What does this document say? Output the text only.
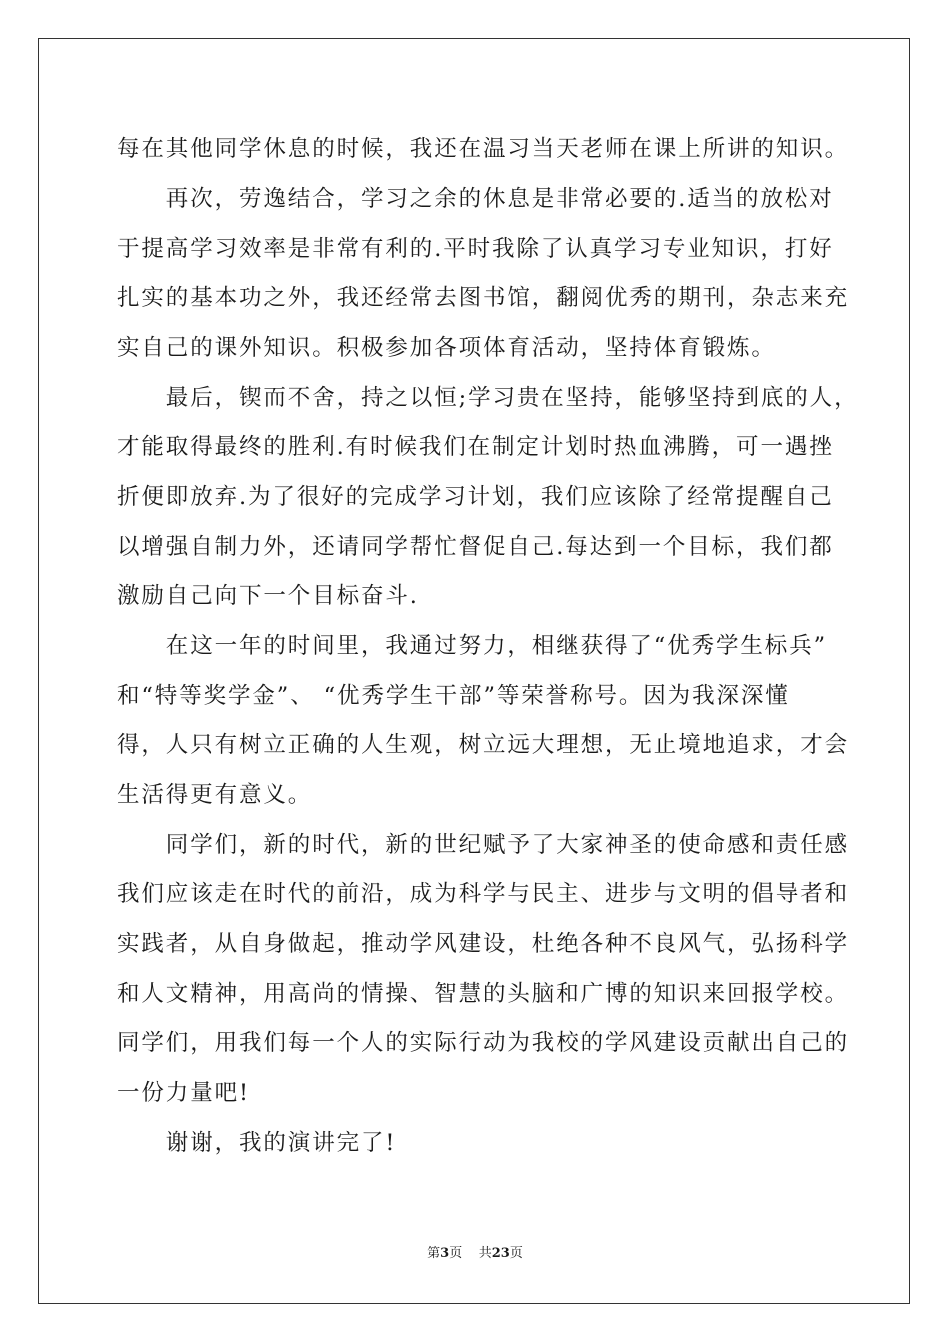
每在其他同学休息的时候，我还在温习当天老师在课上所讲的知识。
　　再次，劳逸结合，学习之余的休息是非常必要的.适当的放松对
于提高学习效率是非常有利的.平时我除了认真学习专业知识，打好
扎实的基本功之外，我还经常去图书馆，翻阅优秀的期刊，杂志来充
实自己的课外知识。积极参加各项体育活动，坚持体育锻炼。
　　最后，锲而不舍，持之以恒;学习贵在坚持，能够坚持到底的人，
才能取得最终的胜利.有时候我们在制定计划时热血沸腾，可一遇挫
折便即放弃.为了很好的完成学习计划，我们应该除了经常提醒自己
以增强自制力外，还请同学帮忙督促自己.每达到一个目标，我们都
激励自己向下一个目标奋斗.
　　在这一年的时间里，我通过努力，相继获得了“优秀学生标兵”
和“特等奖学金”、 “优秀学生干部”等荣誉称号。因为我深深懂
得，人只有树立正确的人生观，树立远大理想，无止境地追求，才会
生活得更有意义。
　　同学们，新的时代，新的世纪赋予了大家神圣的使命感和责任感
我们应该走在时代的前沿，成为科学与民主、进步与文明的倡导者和
实践者，从自身做起，推动学风建设，杜绝各种不良风气，弘扬科学
和人文精神，用高尚的情操、智慧的头脑和广博的知识来回报学校。
同学们，用我们每一个人的实际行动为我校的学风建设贡献出自己的
一份力量吧!
　　谢谢，我的演讲完了!
第3页 共23页
